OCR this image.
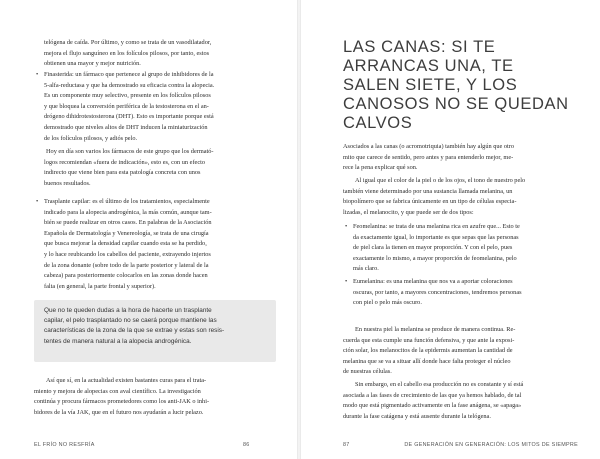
telógena de caída. Por último, y como se trata de un vasodilatador,

mejora el flujo sanguíneo en los folículos pilosos, por tanto, estos

obtienen una mayor y mejor nutrición.

• Finasterida: un fármaco que pertenece al grupo de inhibidores de la

5-alfa-reductasa y que ha demostrado su eficacia contra la alopecia.

Es un componente muy selectivo, presente en los folículos pilosos

y que bloquea la conversión periférica de la testosterona en el an-

drógeno dihidrotestosterona (DHT). Esto es importante porque está

demostrado que niveles altos de DHT inducen la miniaturización

de los folículos pilosos, y adiós pelo.

Hoy en día son varios los fármacos de este grupo que los dermató-

logos recomiendan «fuera de indicación», esto es, con un efecto

indirecto que viene bien para esta patología concreta con unos

buenos resultados.

• Trasplante capilar: es el último de los tratamientos, especialmente

indicado para la alopecia androgénica, la más común, aunque tam-

bién se puede realizar en otros casos. En palabras de la Asociación

Española de Dermatología y Venereología, se trata de una cirugía

que busca mejorar la densidad capilar cuando esta se ha perdido,

y lo hace reubicando los cabellos del paciente, extrayendo injertos

de la zona donante (sobre todo de la parte posterior y lateral de la

cabeza) para posteriormente colocarlos en las zonas donde hacen

falta (en general, la parte frontal y superior).

Que no te queden dudas a la hora de hacerte un trasplante
capilar, el pelo trasplantado no se caerá porque mantiene las
características de la zona de la que se extrae y estas son resis-
tentes de manera natural a la alopecia androgénica.

Así que sí, en la actualidad existen bastantes curas para el trata-

miento y mejora de alopecias con aval científico. La investigación

continúa y procura fármacos prometedores como los anti-JAK o inhi-

bidores de la vía JAK, que en el futuro nos ayudarán a lucir pelazo.

EL FRÍO NO RESFRÍA	86
LAS CANAS: SI TE ARRANCAS UNA, TE SALEN SIETE, Y LOS CANOSOS NO SE QUEDAN CALVOS

Asociados a las canas (o acromotriquia) también hay algún que otro

mito que carece de sentido, pero antes y para entenderlo mejor, me-

rece la pena explicar qué son.

Al igual que el color de la piel o de los ojos, el tono de nuestro pelo

también viene determinado por una sustancia llamada melanina, un

biopolímero que se fabrica únicamente en un tipo de células especia-

lizadas, el melanocito, y que puede ser de dos tipos:

• Feomelanina: se trata de una melanina rica en azufre que... Esto te

da exactamente igual, lo importante es que sepas que las personas

de piel clara la tienen en mayor proporción. Y con el pelo, pues

exactamente lo mismo, a mayor proporción de feomelanina, pelo

más claro.

• Eumelanina: es una melanina que nos va a aportar coloraciones

oscuras, por tanto, a mayores concentraciones, tendremos personas

con piel o pelo más oscuro.

En nuestra piel la melanina se produce de manera continua. Re-

cuerda que esta cumple una función defensiva, y que ante la exposi-

ción solar, los melanocitos de la epidermis aumentan la cantidad de

melanina que se va a situar allí donde hace falta proteger el núcleo

de nuestras células.

Sin embargo, en el cabello esa producción no es constante y sí está

asociada a las fases de crecimiento de las que ya hemos hablado, de tal

modo que está pigmentado activamente en la fase anágena, se «apaga»

durante la fase catágena y está ausente durante la telógena.

87	DE GENERACIÓN EN GENERACIÓN: LOS MITOS DE SIEMPRE
